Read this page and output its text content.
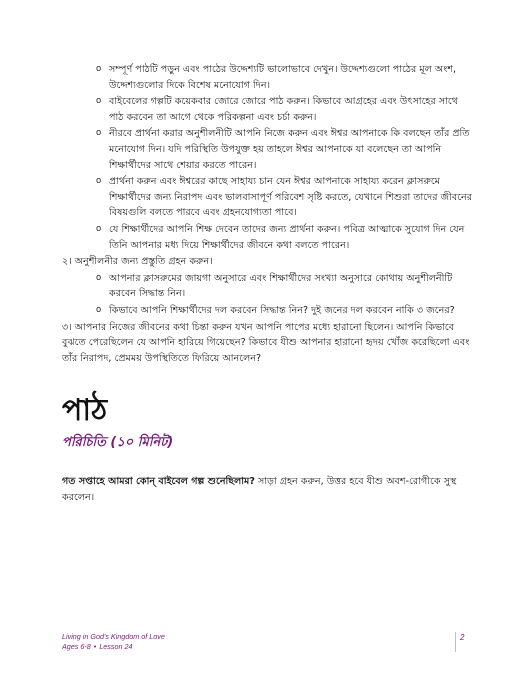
o সম্পূর্ণ পাঠটি পড়ুন এবং পাঠের উদ্দেশ্যটি ভালোভাবে দেখুন। উদ্দেশ্যগুলো পাঠের মূল অংশ, উদ্দেশ্যগুলোর দিকে বিশেষ মনোযোগ দিন।
o বাইবেলের গল্পটি কয়েকবার জোরে জোরে পাঠ করুন। কিভাবে আগ্রহের এবং উৎসাহের সাথে পাঠ করবেন তা আগে থেকে পরিকল্পনা এবং চর্চা করুন।
o নীরবে প্রার্থনা করার অনুশীলনীটি আপনি নিজে করুন এবং ঈশ্বর আপনাকে কি বলছেন তাঁর প্রতি মনোযোগ দিন। যদি পরিস্থিতি উপযুক্ত হয় তাহলে ঈশ্বর আপনাকে যা বলেছেন তা আপনি শিক্ষার্থীদের সাথে শেয়ার করতে পারেন।
o প্রার্থনা করুন এবং ঈশ্বরের কাছে সাহায্য চান যেন ঈশ্বর আপনাকে সাহায্য করেন ক্লাসরুমে শিক্ষার্থীদের জন্য নিরাপদ এবং ভালবাসাপূর্ণ পরিবেশ সৃষ্টি করতে, যেখানে শিশুরা তাদের জীবনের বিষয়গুলি বলতে পারবে এবং গ্রহনযোগ্যতা পাবে।
o যে শিক্ষার্থীদের আপনি শিক্ষ দেবেন তাদের জন্য প্রার্থনা করুন। পবিত্র আত্মাকে সুযোগ দিন যেন তিনি আপনার মধ্য দিয়ে শিক্ষার্থীদের জীবনে কথা বলতে পারেন।
২। অনুশীলনীর জন্য প্রস্তুতি গ্রহন করুন।
o আপনার ক্লাসরুমের জায়গা অনুসারে এবং শিক্ষার্থীদের সংখ্যা অনুসারে কোথায় অনুশীলনীটি করবেন সিদ্ধান্ত নিন।
o কিভাবে আপনি শিক্ষার্থীদের দল করবেন সিদ্ধান্ত নিন? দুই জনের দল করবেন নাকি ৩ জনের?
৩। আপনার নিজের জীবনের কথা চিন্তা করুন যখন আপনি পাপের মধ্যে হারানো ছিলেন। আপনি কিভাবে বুঝতে পেরেছিলেন যে আপনি হারিয়ে গিয়েছেন? কিভাবে যীশু আপনার হারানো হৃদয় খোঁজ করেছিলো এবং তাঁর নিরাপদ, প্রেমময় উপস্থিতিতে ফিরিয়ে আনলেন?
পাঠ
পরিচিতি (১০ মিনিট)
গত সপ্তাহে আমরা কোন্‌ বাইবেল গল্প শুনেছিলাম? সাড়া গ্রহন করুন, উত্তর হবে যীশু অবশ-রোগীকে সুস্থ করলেন।
Living in God's Kingdom of Love
Ages 6-8 • Lesson 24
2
